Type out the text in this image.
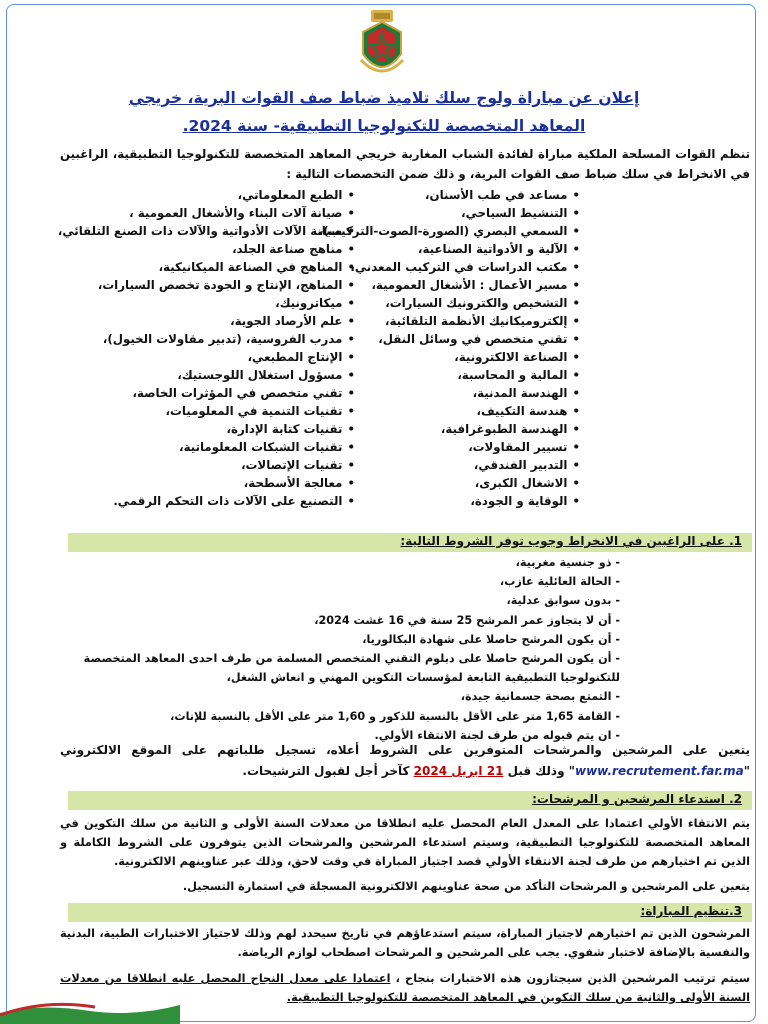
إعلان عن مباراة ولوج سلك تلاميذ ضباط صف القوات البرية، خريجي
المعاهد المتخصصة للتكنولوجيا التطبيقية- سنة 2024.
تنظم القوات المسلحة الملكية مباراة لفائدة الشباب المغاربة خريجي المعاهد المتخصصة للتكنولوجيا التطبيقية، الراغبين في الانخراط في سلك ضباط صف القوات البرية، و ذلك ضمن التخصصات التالية :
• مساعد في طب الأسنان،
• التنشيط السياحي،
• السمعي البصري (الصورة-الصوت-التركيب)،
• الآلية و الأدواتية الصناعية،
• مكتب الدراسات في التركيب المعدني،
• مسير الأعمال : الأشغال العمومية،
• التشخيص والكترونيك السيارات،
• إلكتروميكانيك الأنظمة التلقائية،
• تقني متخصص في وسائل النقل،
• الصناعة الالكترونية،
• المالية و المحاسبة،
• الهندسة المدنية،
• هندسة التكييف،
• الهندسة الطبوغرافية،
• تسيير المقاولات،
• التدبير الفندقي،
• الاشغال الكبرى،
• الوقاية و الجودة،
• الطبع المعلوماتي،
• صيانة آلات البناء والأشغال العمومية ،
• صيانة الآلات الأدواتية والآلات ذات الصنع التلقائي،
• مناهج صناعة الجلد،
• المناهج في الصناعة الميكانيكية،
• المناهج، الإنتاج و الجودة تخصص السيارات،
• ميكاترونيك،
• علم الأرصاد الجوية،
• مدرب الفروسية، (تدبير مقاولات الخيول)،
• الإنتاج المطبعي،
• مسؤول استغلال اللوجستيك،
• تقني متخصص في المؤثرات الخاصة،
• تقنيات التنمية في المعلوميات،
• تقنيات كتابة الإدارة،
• تقنيات الشبكات المعلوماتية،
• تقنيات الإتصالات،
• معالجة الأسطحة،
• التصنيع على الآلات ذات التحكم الرقمي.
1. على الراغبين في الانخراط وجوب توفر الشروط التالية:
- ذو جنسية مغربية،
- الحالة العائلية عازب،
- بدون سوابق عدلية،
- أن لا يتجاوز عمر المرشح 25 سنة في 16 غشت 2024،
- أن يكون المرشح حاصلا على شهادة البكالوريا،
- أن يكون المرشح حاصلا على دبلوم التقني المتخصص المسلمة من طرف احدى المعاهد المتخصصة للتكنولوجيا التطبيقية التابعة لمؤسسات التكوين المهني و انعاش الشغل،
- التمتع بصحة جسمانية جيدة،
- القامة 1,65 متر على الأقل بالنسبة للذكور و 1,60 متر على الأقل بالنسبة للإناث،
- ان يتم قبوله من طرف لجنة الانتقاء الأولي.
يتعين على المرشحين والمرشحات المتوفرين على الشروط أعلاه، تسجيل طلباتهم على الموقع الالكتروني "www.recrutement.far.ma" وذلك قبل 21 ابريل 2024 كآخر أجل لقبول الترشيحات.
2. استدعاء المرشحين و المرشحات:
يتم الانتقاء الأولي اعتمادا على المعدل العام المحصل عليه انطلاقا من معدلات السنة الأولى و الثانية من سلك التكوين في المعاهد المتخصصة للتكنولوجيا التطبيقية، وسيتم استدعاء المرشحين والمرشحات الذين يتوفرون على الشروط الكاملة و الذين تم اختيارهم من طرف لجنة الانتقاء الأولي قصد اجتياز المباراة في وقت لاحق، وذلك عبر عناوينهم الالكترونية.
يتعين على المرشحين و المرشحات التأكد من صحة عناوينهم الالكترونية المسجلة في استمارة التسجيل.
3.تنظيم المباراة:
المرشحون الذين تم اختيارهم لاجتياز المباراة، سيتم استدعاؤهم في تاريخ سيحدد لهم وذلك لاجتياز الاختبارات الطبية، البدنية والنفسية بالإضافة لاختبار شفوي. يجب على المرشحين و المرشحات اصطحاب لوازم الرياضة.
سيتم ترتيب المرشحين الذين سيجتازون هذه الاختبارات بنجاح ، اعتمادا على معدل النجاح المحصل عليه انطلاقا من معدلات السنة الأولى والثانية من سلك التكوين في المعاهد المتخصصة للتكنولوجيا التطبيقية.
